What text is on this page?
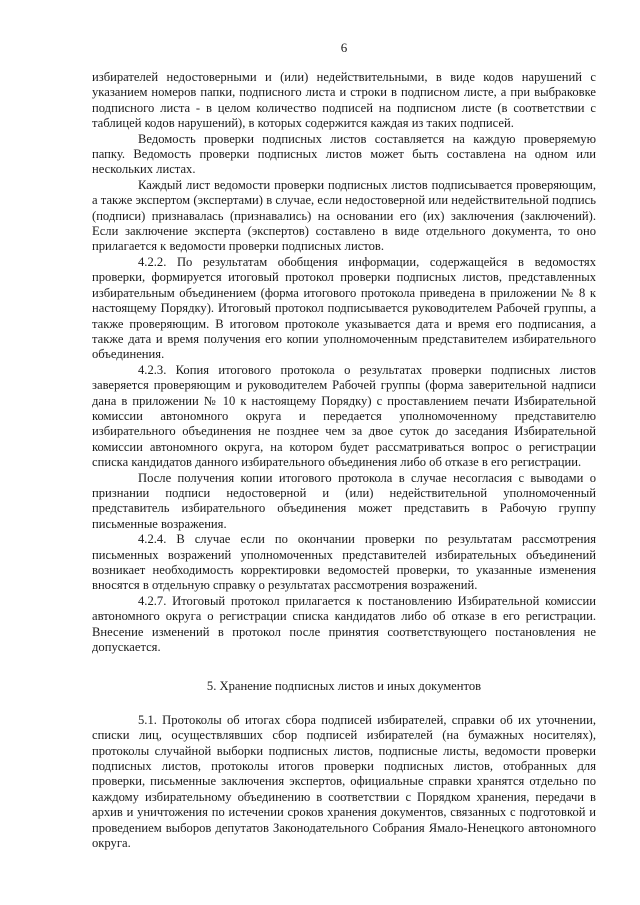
6

избирателей недостоверными и (или) недействительными, в виде кодов нарушений с указанием номеров папки, подписного листа и строки в подписном листе, а при выбраковке подписного листа - в целом количество подписей на подписном листе (в соответствии с таблицей кодов нарушений), в которых содержится каждая из таких подписей.

Ведомость проверки подписных листов составляется на каждую проверяемую папку. Ведомость проверки подписных листов может быть составлена на одном или нескольких листах.

Каждый лист ведомости проверки подписных листов подписывается проверяющим, а также экспертом (экспертами) в случае, если недостоверной или недействительной подпись (подписи) признавалась (признавались) на основании его (их) заключения (заключений). Если заключение эксперта (экспертов) составлено в виде отдельного документа, то оно прилагается к ведомости проверки подписных листов.

4.2.2. По результатам обобщения информации, содержащейся в ведомостях проверки, формируется итоговый протокол проверки подписных листов, представленных избирательным объединением (форма итогового протокола приведена в приложении № 8 к настоящему Порядку). Итоговый протокол подписывается руководителем Рабочей группы, а также проверяющим. В итоговом протоколе указывается дата и время его подписания, а также дата и время получения его копии уполномоченным представителем избирательного объединения.

4.2.3. Копия итогового протокола о результатах проверки подписных листов заверяется проверяющим и руководителем Рабочей группы (форма заверительной надписи дана в приложении № 10 к настоящему Порядку) с проставлением печати Избирательной комиссии автономного округа и передается уполномоченному представителю избирательного объединения не позднее чем за двое суток до заседания Избирательной комиссии автономного округа, на котором будет рассматриваться вопрос о регистрации списка кандидатов данного избирательного объединения либо об отказе в его регистрации.

После получения копии итогового протокола в случае несогласия с выводами о признании подписи недостоверной и (или) недействительной уполномоченный представитель избирательного объединения может представить в Рабочую группу письменные возражения.

4.2.4. В случае если по окончании проверки по результатам рассмотрения письменных возражений уполномоченных представителей избирательных объединений возникает необходимость корректировки ведомостей проверки, то указанные изменения вносятся в отдельную справку о результатах рассмотрения возражений.

4.2.7. Итоговый протокол прилагается к постановлению Избирательной комиссии автономного округа о регистрации списка кандидатов либо об отказе в его регистрации. Внесение изменений в протокол после принятия соответствующего постановления не допускается.

5. Хранение подписных листов и иных документов

5.1. Протоколы об итогах сбора подписей избирателей, справки об их уточнении, списки лиц, осуществлявших сбор подписей избирателей (на бумажных носителях), протоколы случайной выборки подписных листов, подписные листы, ведомости проверки подписных листов, протоколы итогов проверки подписных листов, отобранных для проверки, письменные заключения экспертов, официальные справки хранятся отдельно по каждому избирательному объединению в соответствии с Порядком хранения, передачи в архив и уничтожения по истечении сроков хранения документов, связанных с подготовкой и проведением выборов депутатов Законодательного Собрания Ямало-Ненецкого автономного округа.
